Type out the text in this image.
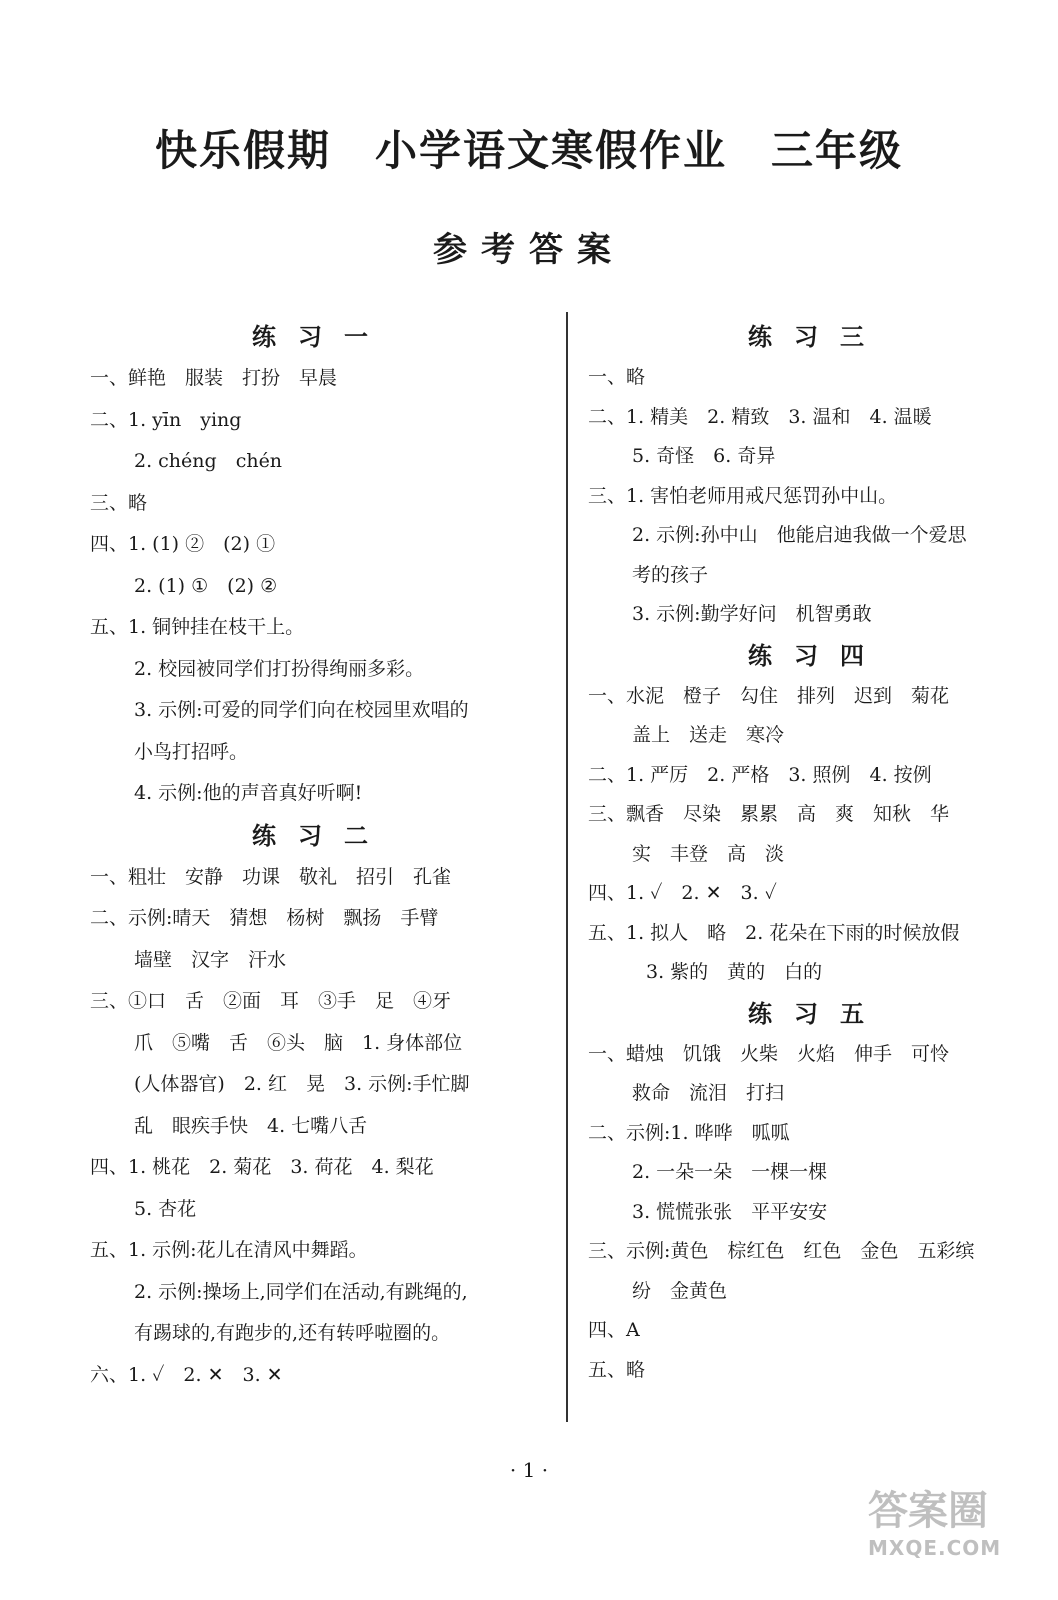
快乐假期 小学语文寒假作业 三年级
参考答案
练习一
一、鲜艳　服装　打扮　早晨
二、1. yīn　ying
2. chéng　chén
三、略
四、1. (1) ②　(2) ①
2. (1) ①　(2) ②
五、1. 铜钟挂在枝干上。
2. 校园被同学们打扮得绚丽多彩。
3. 示例:可爱的同学们向在校园里欢唱的
小鸟打招呼。
4. 示例:他的声音真好听啊!
练习二
一、粗壮　安静　功课　敬礼　招引　孔雀
二、示例:晴天　猜想　杨树　飘扬　手臂
墙壁　汉字　汗水
三、①口　舌　②面　耳　③手　足　④牙
爪　⑤嘴　舌　⑥头　脑　1. 身体部位
(人体器官)　2. 红　晃　3. 示例:手忙脚
乱　眼疾手快　4. 七嘴八舌
四、1. 桃花　2. 菊花　3. 荷花　4. 梨花
5. 杏花
五、1. 示例:花儿在清风中舞蹈。
2. 示例:操场上,同学们在活动,有跳绳的,
有踢球的,有跑步的,还有转呼啦圈的。
六、1. ✓　2. ✕　3. ✕
练习三
一、略
二、1. 精美　2. 精致　3. 温和　4. 温暖
5. 奇怪　6. 奇异
三、1. 害怕老师用戒尺惩罚孙中山。
2. 示例:孙中山　他能启迪我做一个爱思
考的孩子
3. 示例:勤学好问　机智勇敢
练习四
一、水泥　橙子　勾住　排列　迟到　菊花
盖上　送走　寒冷
二、1. 严厉　2. 严格　3. 照例　4. 按例
三、飘香　尽染　累累　高　爽　知秋　华
实　丰登　高　淡
四、1. ✓　2. ✕　3. ✓
五、1. 拟人　略　2. 花朵在下雨的时候放假
3. 紫的　黄的　白的
练习五
一、蜡烛　饥饿　火柴　火焰　伸手　可怜
救命　流泪　打扫
二、示例:1. 哗哗　呱呱
2. 一朵一朵　一棵一棵
3. 慌慌张张　平平安安
三、示例:黄色　棕红色　红色　金色　五彩缤
纷　金黄色
四、A
五、略
· 1 ·
答案圈
MXQE.COM
